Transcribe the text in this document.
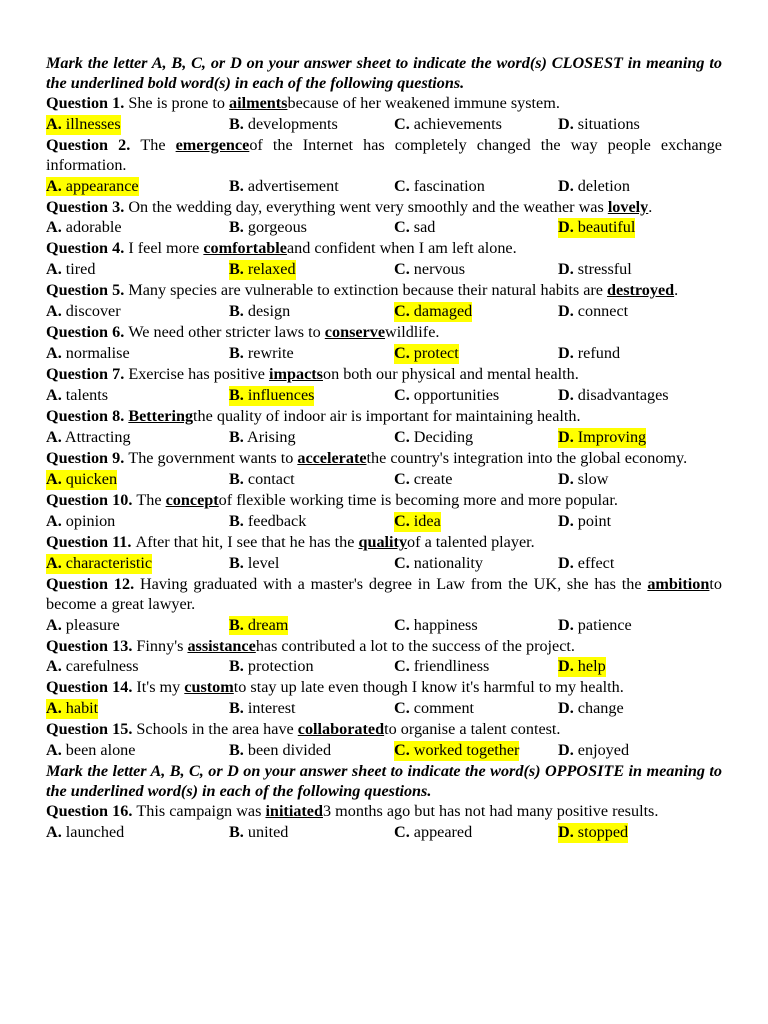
Mark the letter A, B, C, or D on your answer sheet to indicate the word(s) CLOSEST in meaning to the underlined bold word(s) in each of the following questions.
Question 1. She is prone to ailmentsbecause of her weakened immune system.
A. illnesses	B. developments	C. achievements	D. situations
Question 2. The emergenceof the Internet has completely changed the way people exchange information.
A. appearance	B. advertisement	C. fascination	D. deletion
Question 3. On the wedding day, everything went very smoothly and the weather was lovely.
A. adorable	B. gorgeous	C. sad	D. beautiful
Question 4. I feel more comfortableand confident when I am left alone.
A. tired	B. relaxed	C. nervous	D. stressful
Question 5. Many species are vulnerable to extinction because their natural habits are destroyed.
A. discover	B. design	C. damaged	D. connect
Question 6. We need other stricter laws to conservewildlife.
A. normalise	B. rewrite	C. protect	D. refund
Question 7. Exercise has positive impactson both our physical and mental health.
A. talents	B. influences	C. opportunities	D. disadvantages
Question 8. Betteringthe quality of indoor air is important for maintaining health.
A. Attracting	B. Arising	C. Deciding	D. Improving
Question 9. The government wants to acceleratethe country's integration into the global economy.
A. quicken	B. contact	C. create	D. slow
Question 10. The conceptof flexible working time is becoming more and more popular.
A. opinion	B. feedback	C. idea	D. point
Question 11. After that hit, I see that he has the qualityof a talented player.
A. characteristic	B. level	C. nationality	D. effect
Question 12. Having graduated with a master's degree in Law from the UK, she has the ambitionto become a great lawyer.
A. pleasure	B. dream	C. happiness	D. patience
Question 13. Finny's assistancehas contributed a lot to the success of the project.
A. carefulness	B. protection	C. friendliness	D. help
Question 14. It's my customto stay up late even though I know it's harmful to my health.
A. habit	B. interest	C. comment	D. change
Question 15. Schools in the area have collaboratedto organise a talent contest.
A. been alone	B. been divided	C. worked together D. enjoyed
Mark the letter A, B, C, or D on your answer sheet to indicate the word(s) OPPOSITE in meaning to the underlined word(s) in each of the following questions.
Question 16. This campaign was initiated3 months ago but has not had many positive results.
A. launched	B. united	C. appeared	D. stopped
